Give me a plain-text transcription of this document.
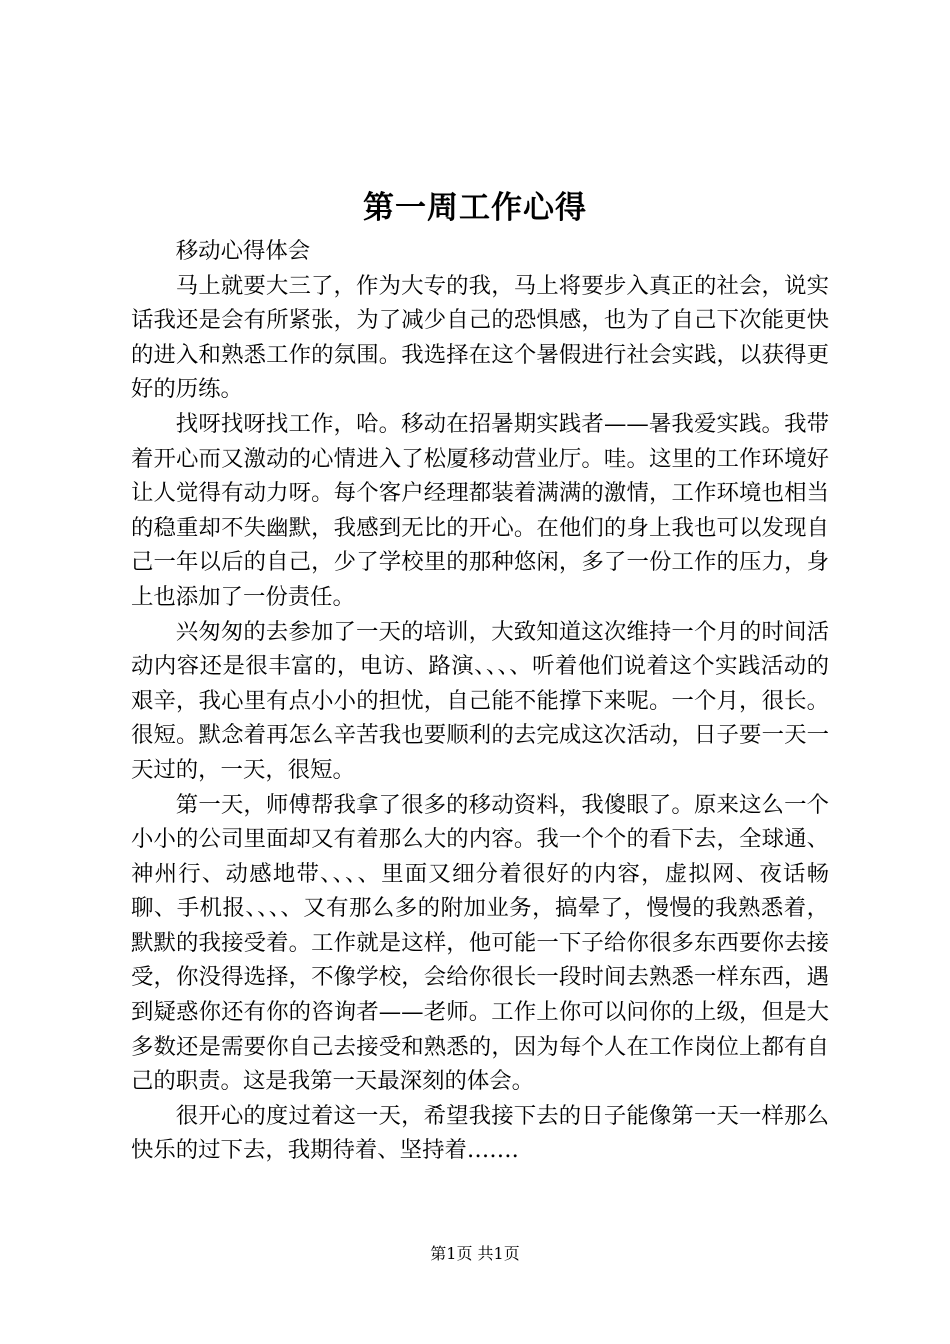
第一周工作心得

移动心得体会

马上就要大三了，作为大专的我，马上将要步入真正的社会，说实话我还是会有所紧张，为了减少自己的恐惧感，也为了自己下次能更快的进入和熟悉工作的氛围。我选择在这个暑假进行社会实践，以获得更好的历练。

找呀找呀找工作，哈。移动在招暑期实践者——暑我爱实践。我带着开心而又激动的心情进入了松厦移动营业厅。哇。这里的工作环境好让人觉得有动力呀。每个客户经理都装着满满的激情，工作环境也相当的稳重却不失幽默，我感到无比的开心。在他们的身上我也可以发现自己一年以后的自己，少了学校里的那种悠闲，多了一份工作的压力，身上也添加了一份责任。

兴匆匆的去参加了一天的培训，大致知道这次维持一个月的时间活动内容还是很丰富的，电访、路演、、、、听着他们说着这个实践活动的艰辛，我心里有点小小的担忧，自己能不能撑下来呢。一个月，很长。很短。默念着再怎么辛苦我也要顺利的去完成这次活动，日子要一天一天过的，一天，很短。

第一天，师傅帮我拿了很多的移动资料，我傻眼了。原来这么一个小小的公司里面却又有着那么大的内容。我一个个的看下去，全球通、神州行、动感地带、、、、里面又细分着很好的内容，虚拟网、夜话畅聊、手机报、、、、又有那么多的附加业务，搞晕了，慢慢的我熟悉着，默默的我接受着。工作就是这样，他可能一下子给你很多东西要你去接受，你没得选择，不像学校，会给你很长一段时间去熟悉一样东西，遇到疑惑你还有你的咨询者——老师。工作上你可以问你的上级，但是大多数还是需要你自己去接受和熟悉的，因为每个人在工作岗位上都有自己的职责。这是我第一天最深刻的体会。

很开心的度过着这一天，希望我接下去的日子能像第一天一样那么快乐的过下去，我期待着、坚持着…….

第1页 共1页
